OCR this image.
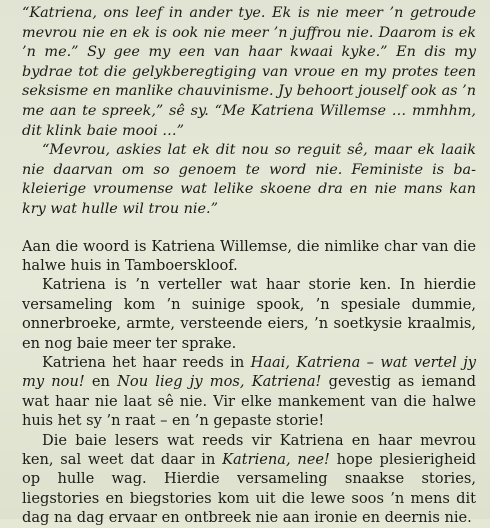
“Katriena, ons leef in ander tye. Ek is nie meer ’n getroude mevrou nie en ek is ook nie meer ’n juffrou nie. Daarom is ek ’n me.” Sy gee my een van haar kwaai kyke.” En dis my bydrae tot die gelykberegtiging van vroue en my protes teen seksisme en manlike chauvinisme. Jy behoort jouself ook as ’n me aan te spreek,” sê sy. “Me Katriena Willemse … mmhhm, dit klink baie mooi …”

“Mevrou, askies lat ek dit nou so reguit sê, maar ek laaik nie daarvan om so genoem te word nie. Feministe is ba- kleierige vroumense wat lelike skoene dra en nie mans kan kry wat hulle wil trou nie.”

Aan die woord is Katriena Willemse, die nimlike char van die halwe huis in Tamboerskloof.

Katriena is ’n verteller wat haar storie ken. In hierdie versameling kom ’n suinige spook, ’n spesiale dummie, onnerbroeke, armte, versteende eiers, ’n soetkysie kraalmis, en nog baie meer ter sprake.

Katriena het haar reeds in Haai, Katriena – wat vertel jy my nou! en Nou lieg jy mos, Katriena! gevestig as iemand wat haar nie laat sê nie. Vir elke mankement van die halwe huis het sy ’n raat – en ’n gepaste storie!

Die baie lesers wat reeds vir Katriena en haar mevrou ken, sal weet dat daar in Katriena, nee! hope plesierigheid op hulle wag. Hierdie versameling snaakse stories, liegstories en biegstories kom uit die lewe soos ’n mens dit dag na dag ervaar en ontbreek nie aan ironie en deernis nie.
